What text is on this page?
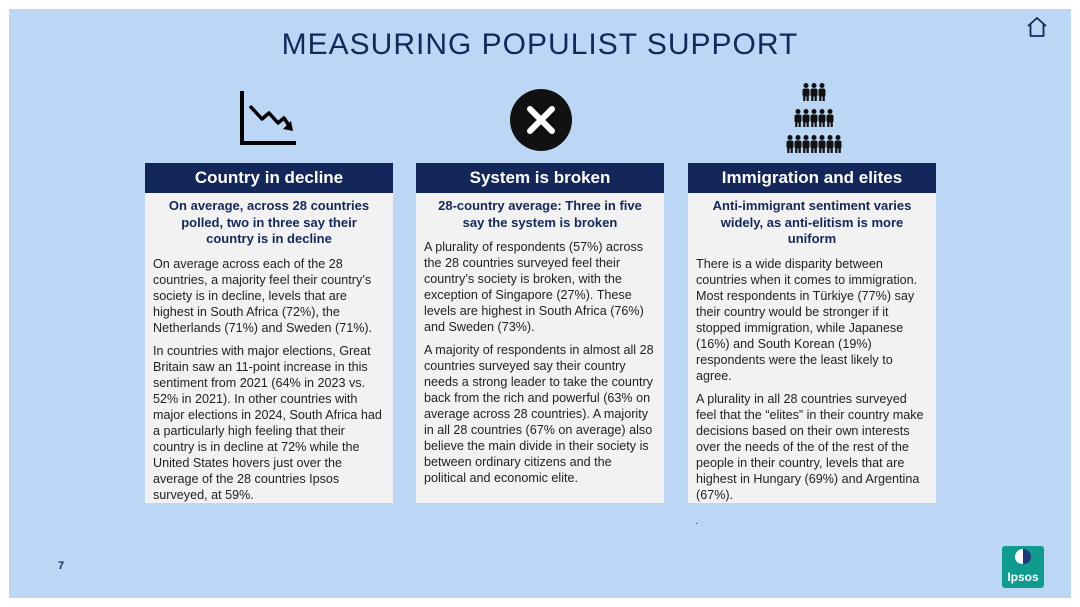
MEASURING POPULIST SUPPORT
Country in decline
On average, across 28 countries polled, two in three say their country is in decline

On average across each of the 28 countries, a majority feel their country’s society is in decline, levels that are highest in South Africa (72%), the Netherlands (71%) and Sweden (71%).

In countries with major elections, Great Britain saw an 11-point increase in this sentiment from 2021 (64% in 2023 vs. 52% in 2021). In other countries with major elections in 2024, South Africa had a particularly high feeling that their country is in decline at 72% while the United States hovers just over the average of the 28 countries Ipsos surveyed, at 59%.

System is broken
28-country average: Three in five say the system is broken

A plurality of respondents (57%) across the 28 countries surveyed feel their country’s society is broken, with the exception of Singapore (27%). These levels are highest in South Africa (76%) and Sweden (73%).

A majority of respondents in almost all 28 countries surveyed say their country needs a strong leader to take the country back from the rich and powerful (63% on average across 28 countries). A majority in all 28 countries (67% on average) also believe the main divide in their society is between ordinary citizens and the political and economic elite.

Immigration and elites
Anti-immigrant sentiment varies widely, as anti-elitism is more uniform

There is a wide disparity between countries when it comes to immigration. Most respondents in Türkiye (77%) say their country would be stronger if it stopped immigration, while Japanese (16%) and South Korean (19%) respondents were the least likely to agree.

A plurality in all 28 countries surveyed feel that the “elites” in their country make decisions based on their own interests over the needs of the of the rest of the people in their country, levels that are highest in Hungary (69%) and Argentina (67%).

.
7
Ipsos
